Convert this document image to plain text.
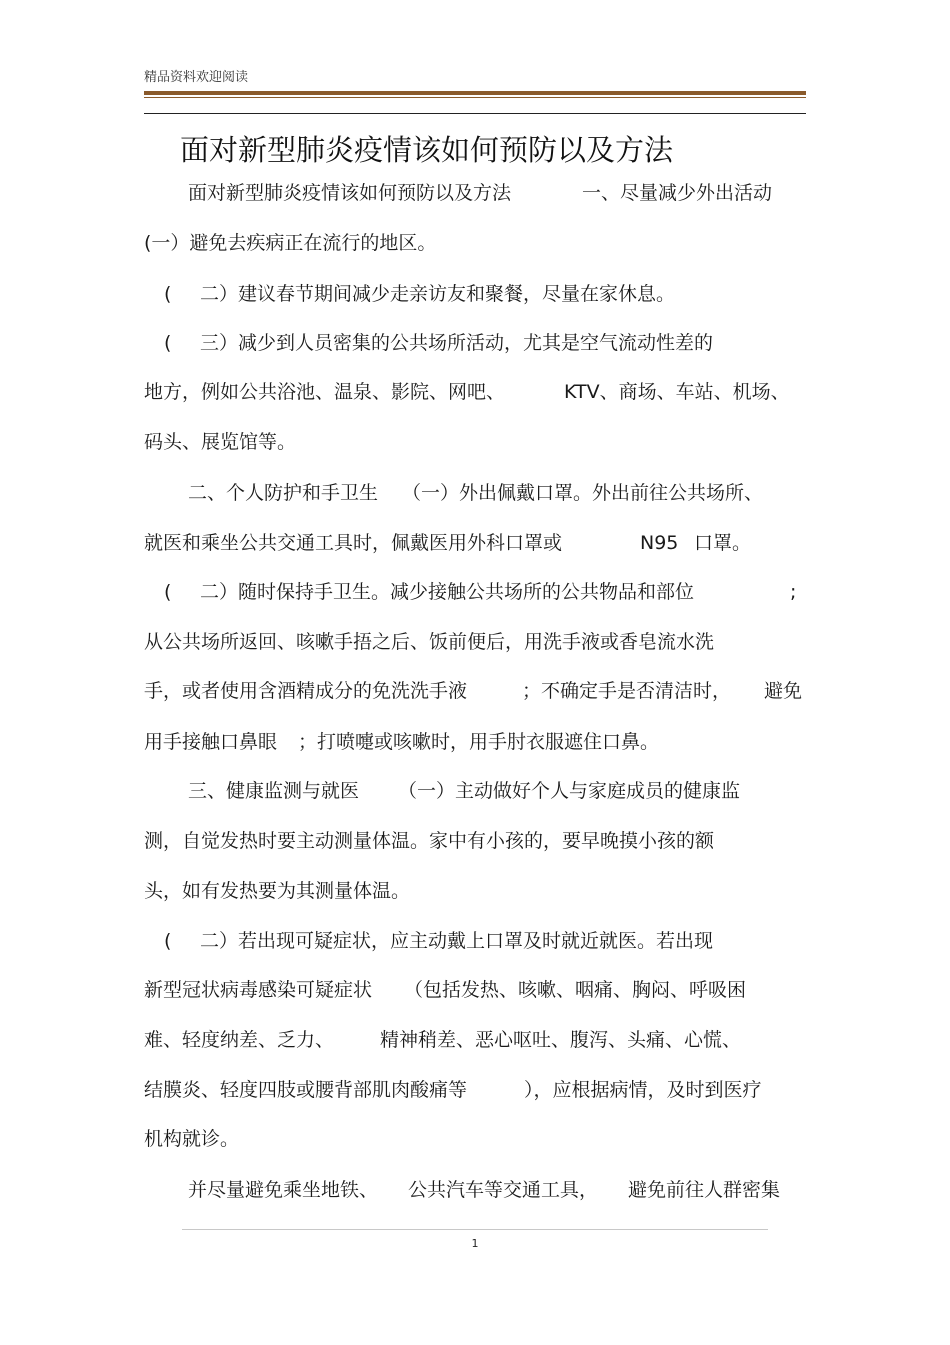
精品资料欢迎阅读
面对新型肺炎疫情该如何预防以及方法

面对新型肺炎疫情该如何预防以及方法

	一、尽量减少外出活动

(一）避免去疾病正在流行的地区。

(

二）建议春节期间减少走亲访友和聚餐，尽量在家休息。

(

三）减少到人员密集的公共场所活动，尤其是空气流动性差的

地方，例如公共浴池、温泉、影院、网吧、

	KTV、商场、车站、机场、

码头、展览馆等。

二、个人防护和手卫生

（一）外出佩戴口罩。外出前往公共场所、

就医和乘坐公共交通工具时，佩戴医用外科口罩或

	N95

口罩。

(

二）随时保持手卫生。减少接触公共场所的公共物品和部位

	;

从公共场所返回、咳嗽手捂之后、饭前便后，用洗手液或香皂流水洗

手，或者使用含酒精成分的免洗洗手液

	；不确定手是否清洁时，

避免

用手接触口鼻眼

；打喷嚏或咳嗽时，用手肘衣服遮住口鼻。

三、健康监测与就医

（一）主动做好个人与家庭成员的健康监

测，自觉发热时要主动测量体温。家中有小孩的，要早晚摸小孩的额

头，如有发热要为其测量体温。

(

二）若出现可疑症状，应主动戴上口罩及时就近就医。若出现

新型冠状病毒感染可疑症状

（包括发热、咳嗽、咽痛、胸闷、呼吸困

难、轻度纳差、乏力、

精神稍差、恶心呕吐、腹泻、头痛、心慌、

结膜炎、轻度四肢或腰背部肌肉酸痛等

	），应根据病情，及时到医疗

机构就诊。

并尽量避免乘坐地铁、

公共汽车等交通工具，

避免前往人群密集

1
